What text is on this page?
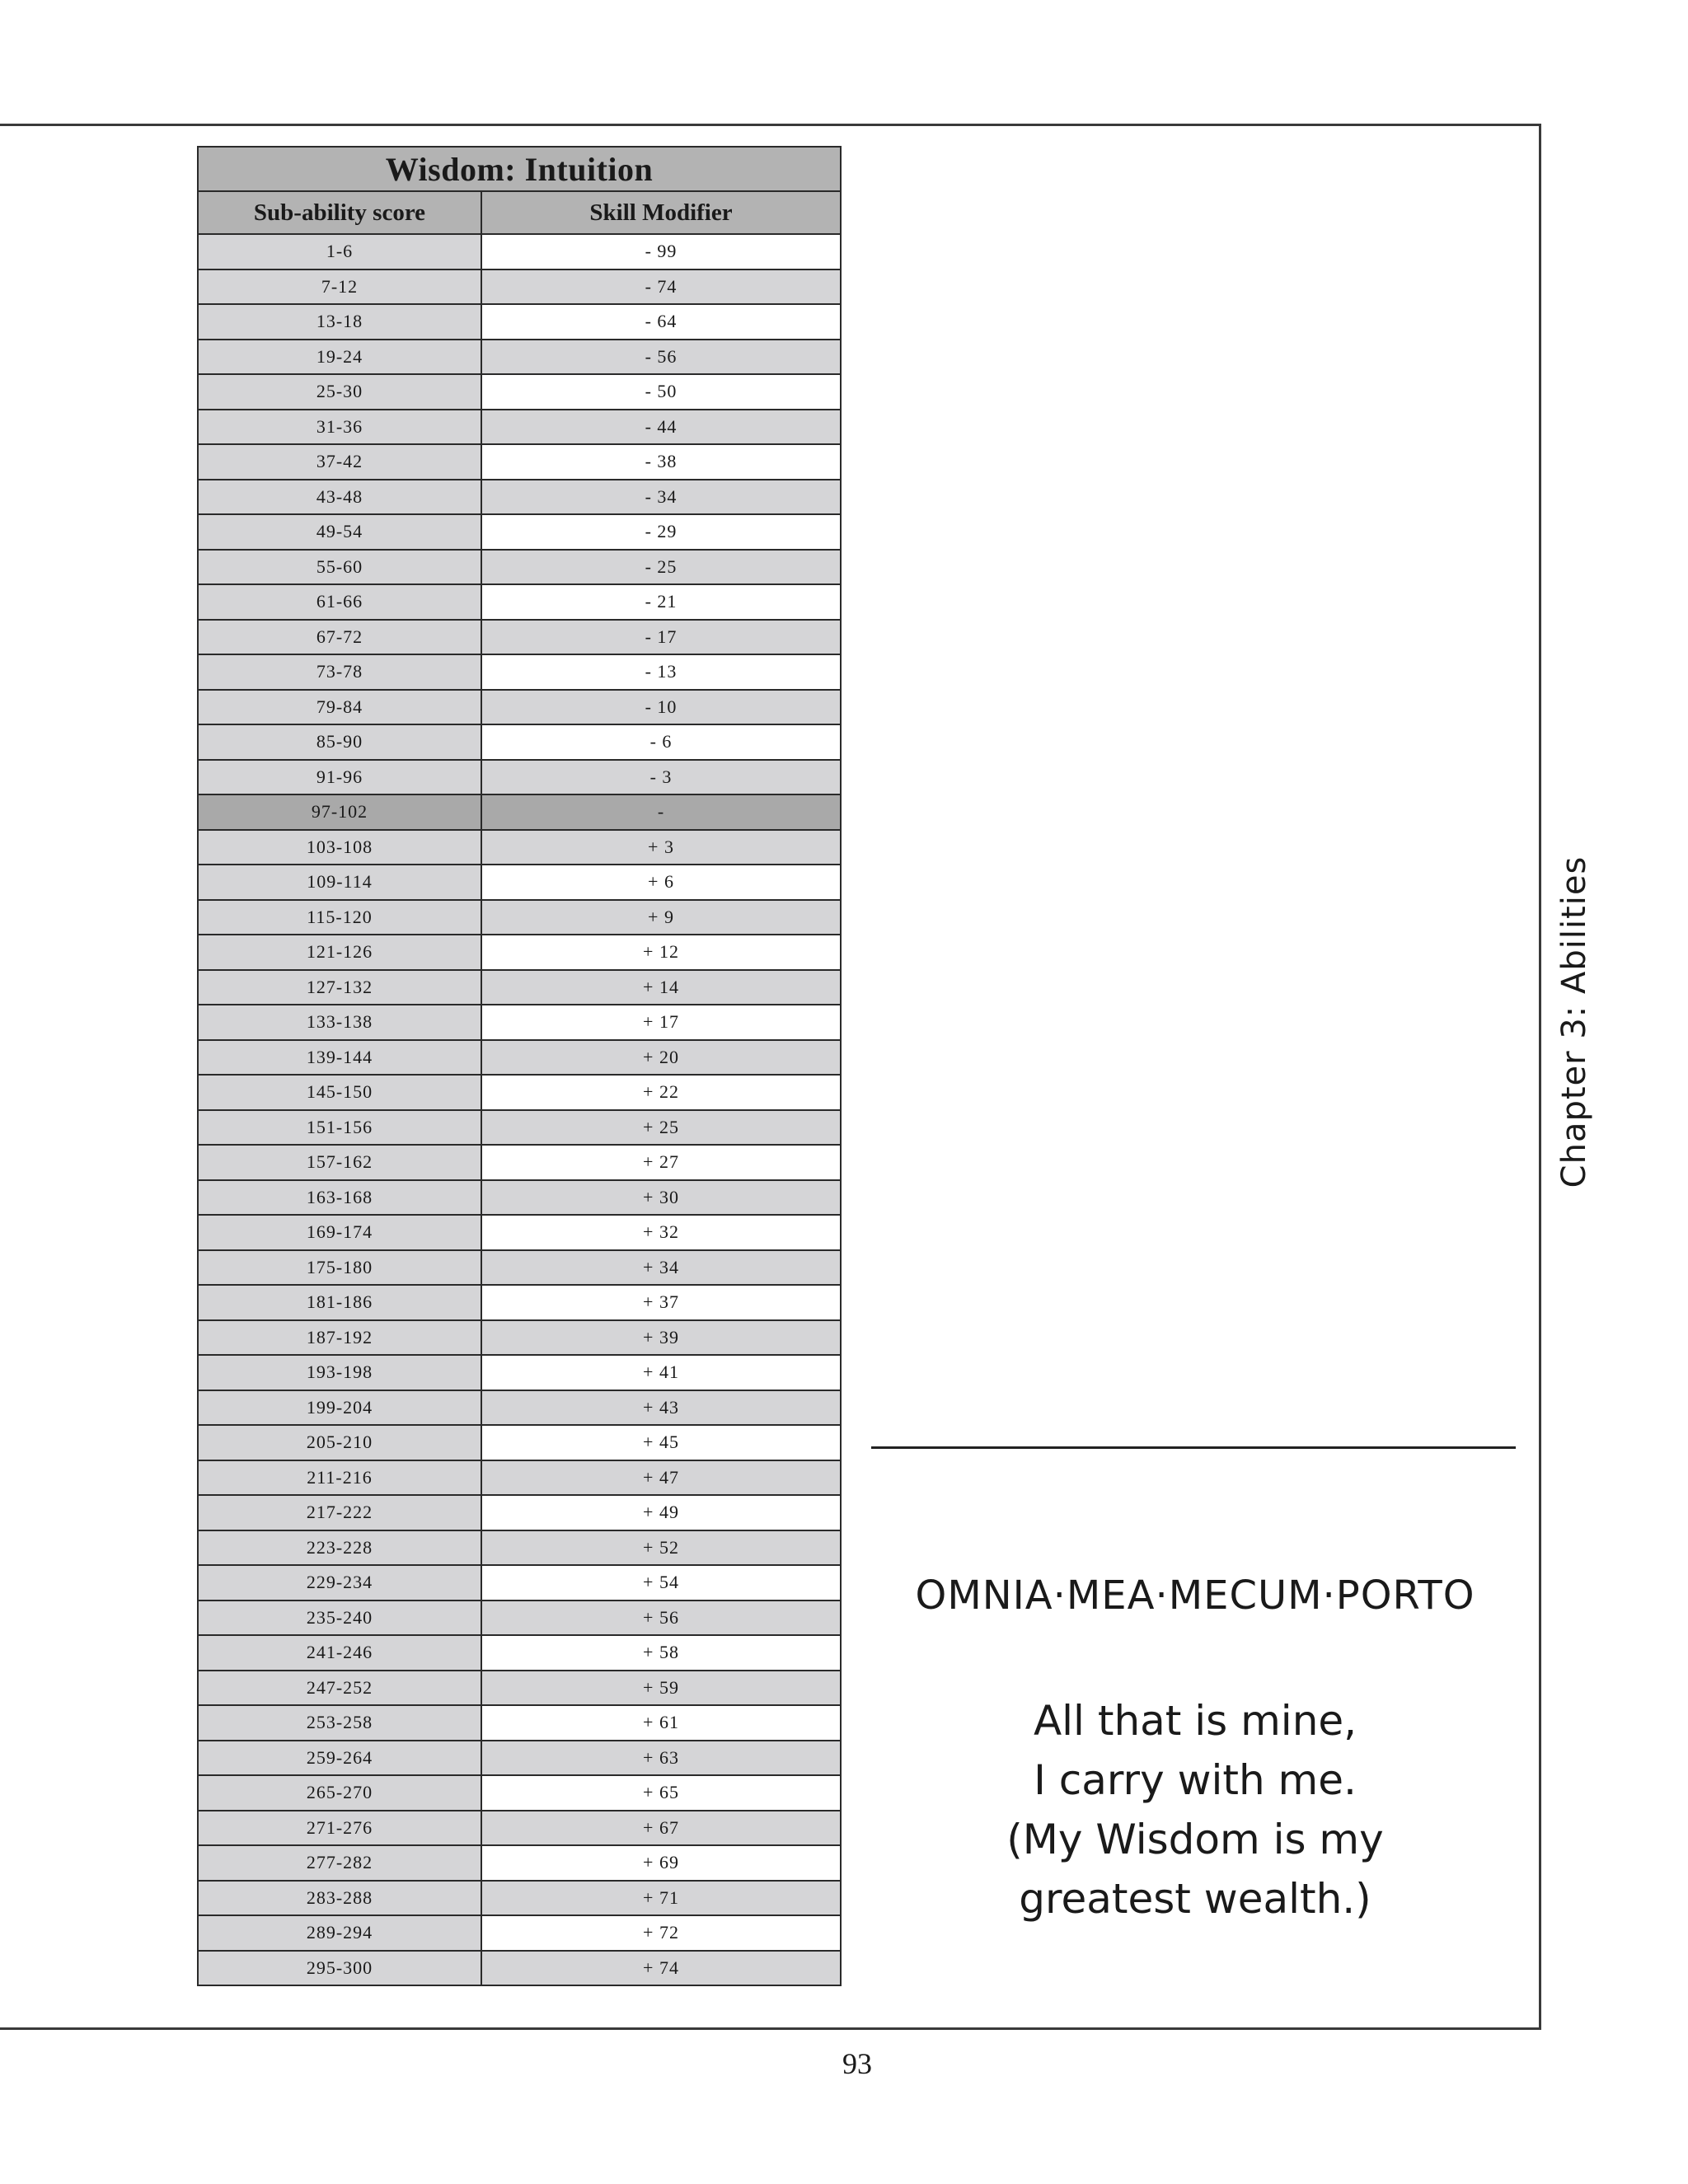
Wisdom: Intuition	
Sub-ability score	Skill Modifier
1-6	- 99
7-12	- 74
13-18	- 64
19-24	- 56
25-30	- 50
31-36	- 44
37-42	- 38
43-48	- 34
49-54	- 29
55-60	- 25
61-66	- 21
67-72	- 17
73-78	- 13
79-84	- 10
85-90	- 6
91-96	- 3
97-102	-
103-108	+ 3
109-114	+ 6
115-120	+ 9
121-126	+ 12
127-132	+ 14
133-138	+ 17
139-144	+ 20
145-150	+ 22
151-156	+ 25
157-162	+ 27
163-168	+ 30
169-174	+ 32
175-180	+ 34
181-186	+ 37
187-192	+ 39
193-198	+ 41
199-204	+ 43
205-210	+ 45
211-216	+ 47
217-222	+ 49
223-228	+ 52
229-234	+ 54
235-240	+ 56
241-246	+ 58
247-252	+ 59
253-258	+ 61
259-264	+ 63
265-270	+ 65
271-276	+ 67
277-282	+ 69
283-288	+ 71
289-294	+ 72
295-300	+ 74
OMNIA·MEA·MECUM·PORTO
All that is mine,
I carry with me.
(My Wisdom is my
greatest wealth.)
Chapter 3: Abilities
93
